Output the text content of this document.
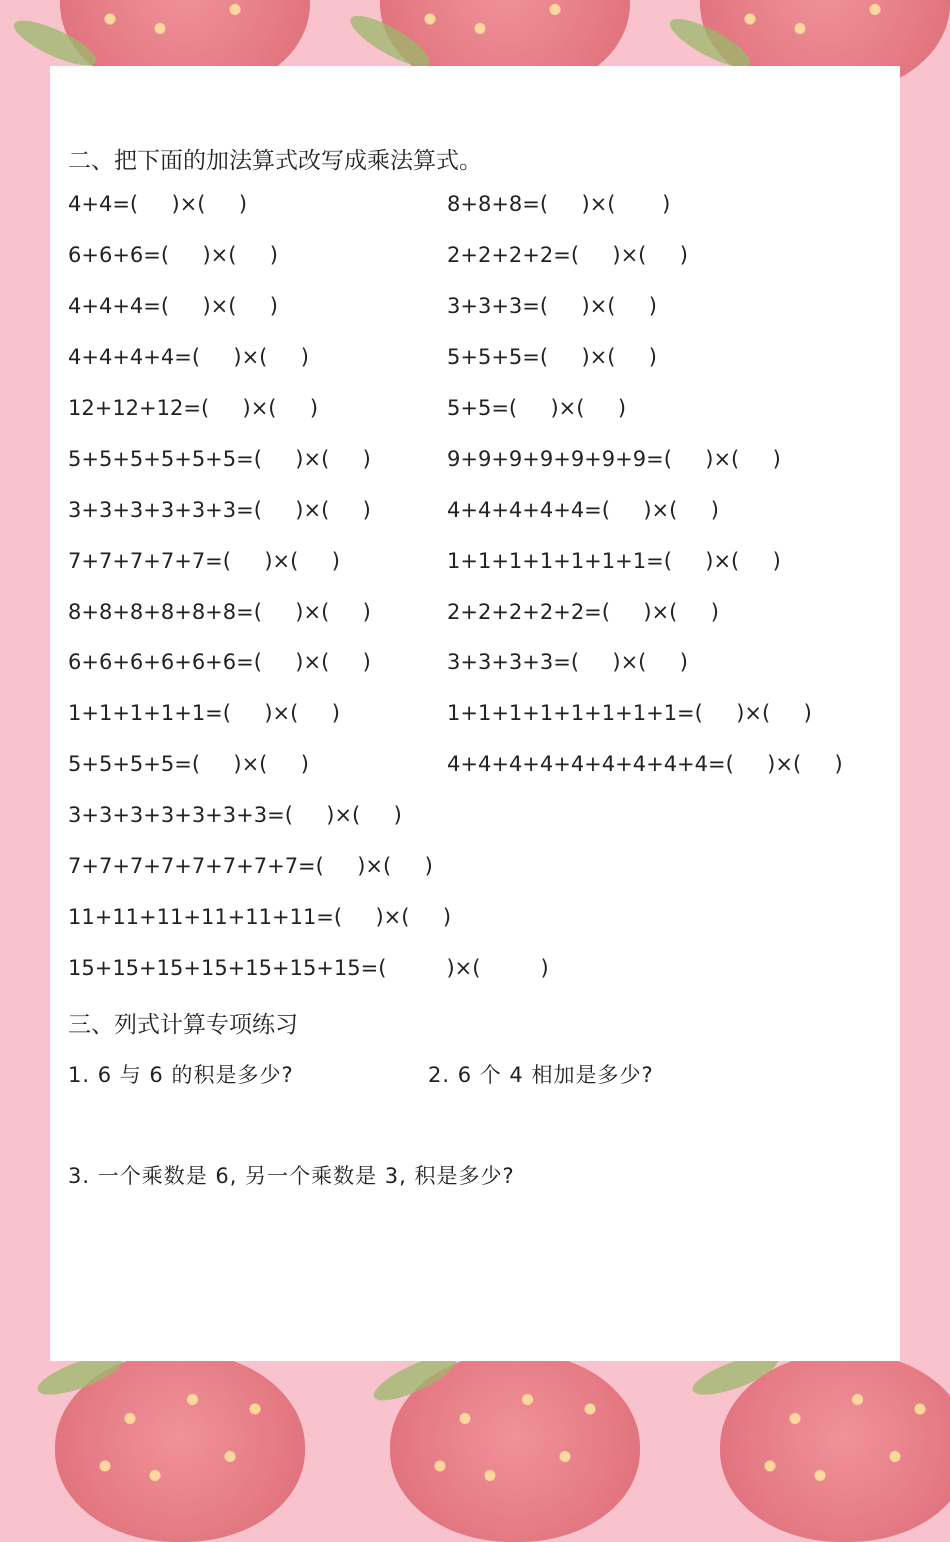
二、把下面的加法算式改写成乘法算式。
4+4=(     )×(     )
6+6+6=(     )×(     )
4+4+4=(     )×(     )
4+4+4+4=(     )×(     )
12+12+12=(     )×(     )
5+5+5+5+5+5=(     )×(     )
3+3+3+3+3+3=(     )×(     )
7+7+7+7+7=(     )×(     )
8+8+8+8+8+8=(     )×(     )
6+6+6+6+6+6=(     )×(     )
1+1+1+1+1=(     )×(     )
5+5+5+5=(     )×(     )
3+3+3+3+3+3+3=(     )×(     )
7+7+7+7+7+7+7+7=(     )×(     )
11+11+11+11+11+11=(     )×(     )
15+15+15+15+15+15+15=(         )×(         )
8+8+8=(     )×(       )
2+2+2+2=(     )×(     )
3+3+3=(     )×(     )
5+5+5=(     )×(     )
5+5=(     )×(     )
9+9+9+9+9+9+9=(     )×(     )
4+4+4+4+4=(     )×(     )
1+1+1+1+1+1+1=(     )×(     )
2+2+2+2+2=(     )×(     )
3+3+3+3=(     )×(     )
1+1+1+1+1+1+1+1=(     )×(     )
4+4+4+4+4+4+4+4+4=(     )×(     )
三、列式计算专项练习
1. 6 与 6 的积是多少?	2. 6 个 4 相加是多少?
3. 一个乘数是 6, 另一个乘数是 3, 积是多少?
